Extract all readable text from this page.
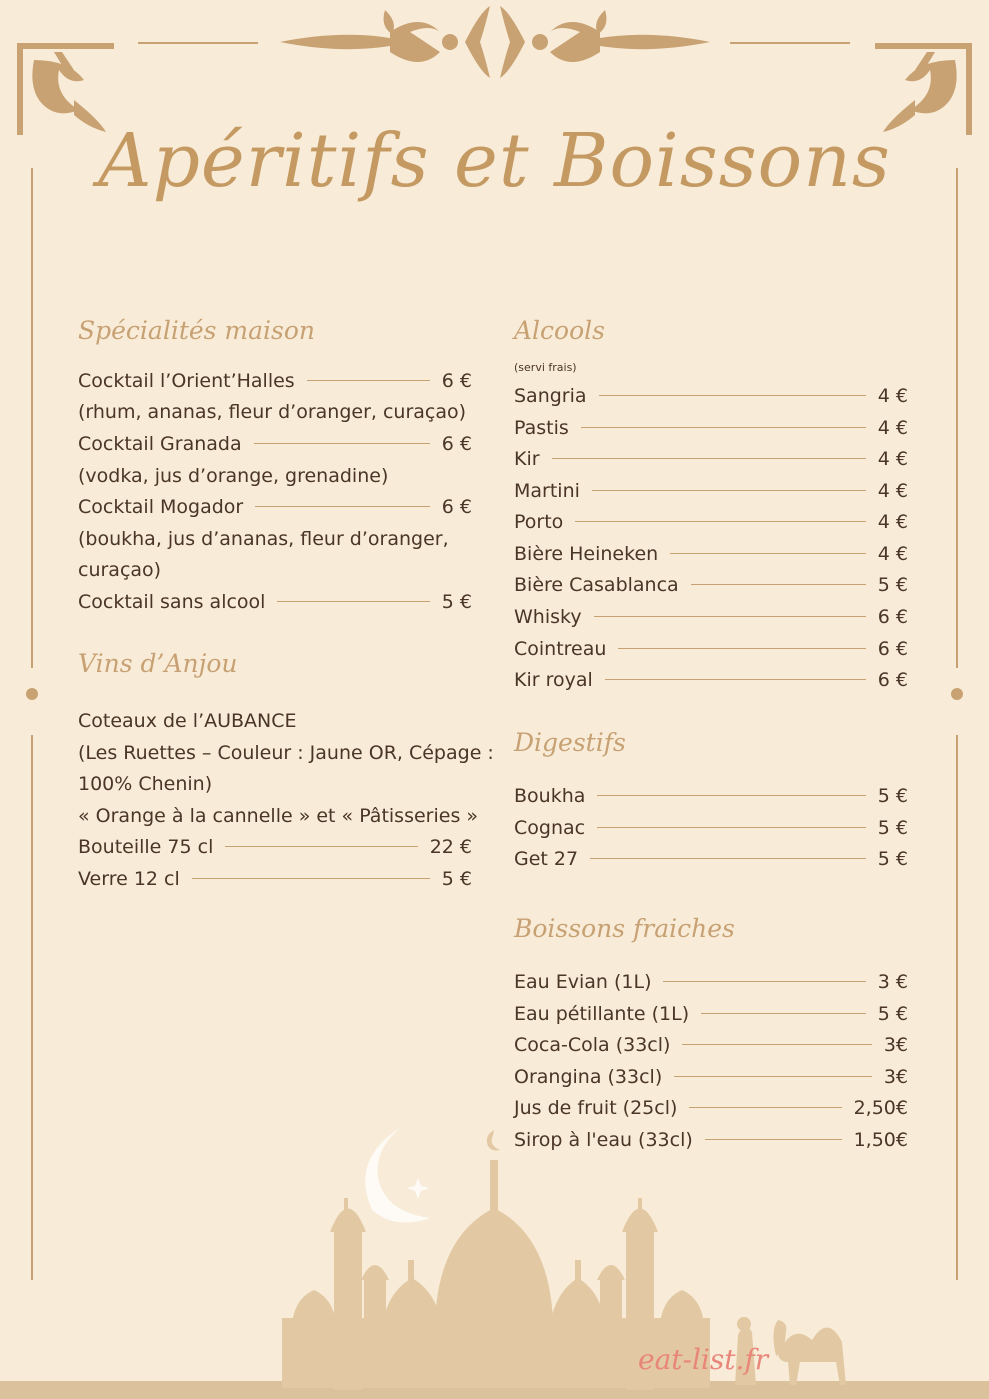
Apéritifs et Boissons
Spécialités maison
Cocktail l’Orient’Halles	6 €
(rhum, ananas, fleur d’oranger, curaçao)
Cocktail Granada	6 €
(vodka, jus d’orange, grenadine)
Cocktail Mogador	6 €
(boukha, jus d’ananas, fleur d’oranger,
curaçao)
Cocktail sans alcool	5 €
Vins d’Anjou
Coteaux de l’AUBANCE
(Les Ruettes – Couleur : Jaune OR, Cépage :
100% Chenin)
« Orange à la cannelle » et « Pâtisseries »
Bouteille 75 cl	22 €
Verre 12 cl	5 €
Alcools
(servi frais)
Sangria	4 €
Pastis	4 €
Kir	4 €
Martini	4 €
Porto	4 €
Bière Heineken	4 €
Bière Casablanca	5 €
Whisky	6 €
Cointreau	6 €
Kir royal	6 €
Digestifs
Boukha	5 €
Cognac	5 €
Get 27	5 €
Boissons fraiches
Eau Evian (1L)	3 €
Eau pétillante (1L)	5 €
Coca-Cola (33cl)	3€
Orangina (33cl)	3€
Jus de fruit (25cl)	2,50€
Sirop à l'eau (33cl)	1,50€
eat-list.fr
